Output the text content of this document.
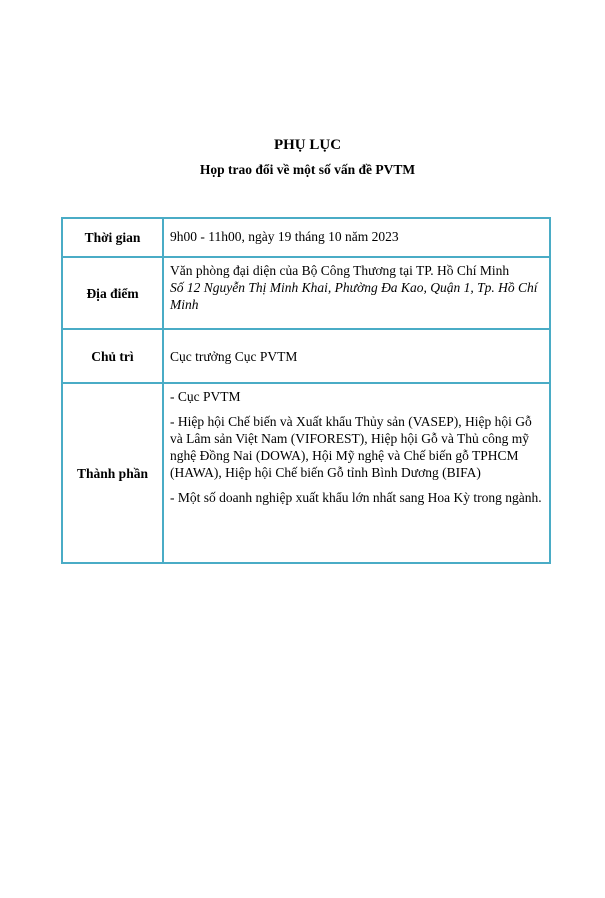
PHỤ LỤC
Họp trao đổi về một số vấn đề PVTM
Thời gian	9h00 - 11h00, ngày 19 tháng 10 năm 2023
Địa điểm	Văn phòng đại diện của Bộ Công Thương tại TP. Hồ Chí Minh
Số 12 Nguyễn Thị Minh Khai, Phường Đa Kao, Quận 1, Tp. Hồ Chí Minh

Chủ trì	Cục trưởng Cục PVTM
Thành phần	- Cục PVTM
- Hiệp hội Chế biến và Xuất khẩu Thủy sản (VASEP), Hiệp hội Gỗ và Lâm sản Việt Nam (VIFOREST), Hiệp hội Gỗ và Thủ công mỹ nghệ Đồng Nai (DOWA), Hội Mỹ nghệ và Chế biến gỗ TPHCM (HAWA), Hiệp hội Chế biến Gỗ tỉnh Bình Dương (BIFA)
- Một số doanh nghiệp xuất khẩu lớn nhất sang Hoa Kỳ trong ngành.
